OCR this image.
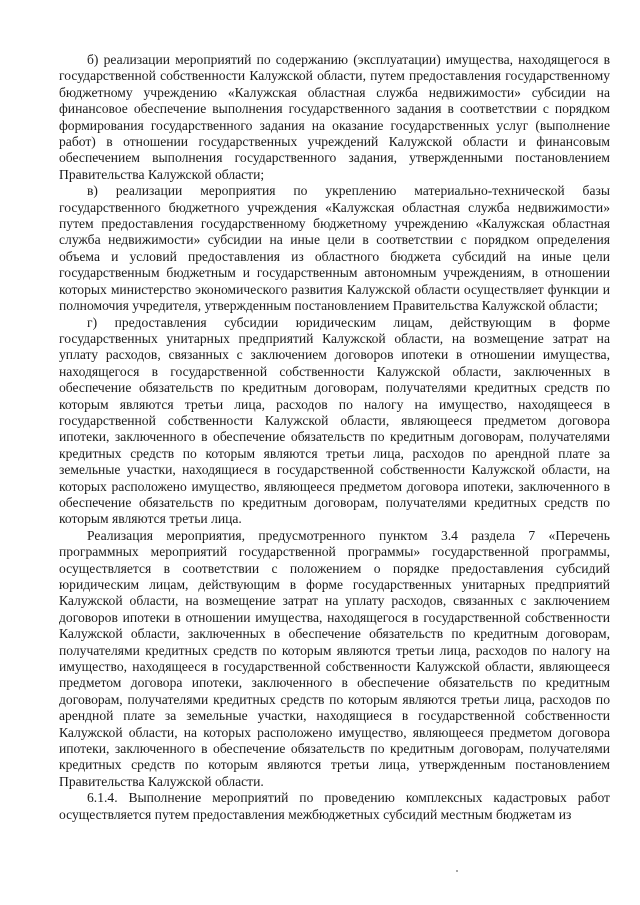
б) реализации мероприятий по содержанию (эксплуатации) имущества, находящегося в государственной собственности Калужской области, путем предоставления государственному бюджетному учреждению «Калужская областная служба недвижимости» субсидии на финансовое обеспечение выполнения государственного задания в соответствии с порядком формирования государственного задания на оказание государственных услуг (выполнение работ) в отношении государственных учреждений Калужской области и финансовым обеспечением выполнения государственного задания, утвержденными постановлением Правительства Калужской области;

в) реализации мероприятия по укреплению материально-технической базы государственного бюджетного учреждения «Калужская областная служба недвижимости» путем предоставления государственному бюджетному учреждению «Калужская областная служба недвижимости» субсидии на иные цели в соответствии с порядком определения объема и условий предоставления из областного бюджета субсидий на иные цели государственным бюджетным и государственным автономным учреждениям, в отношении которых министерство экономического развития Калужской области осуществляет функции и полномочия учредителя, утвержденным постановлением Правительства Калужской области;

г) предоставления субсидии юридическим лицам, действующим в форме государственных унитарных предприятий Калужской области, на возмещение затрат на уплату расходов, связанных с заключением договоров ипотеки в отношении имущества, находящегося в государственной собственности Калужской области, заключенных в обеспечение обязательств по кредитным договорам, получателями кредитных средств по которым являются третьи лица, расходов по налогу на имущество, находящееся в государственной собственности Калужской области, являющееся предметом договора ипотеки, заключенного в обеспечение обязательств по кредитным договорам, получателями кредитных средств по которым являются третьи лица, расходов по арендной плате за земельные участки, находящиеся в государственной собственности Калужской области, на которых расположено имущество, являющееся предметом договора ипотеки, заключенного в обеспечение обязательств по кредитным договорам, получателями кредитных средств по которым являются третьи лица.

Реализация мероприятия, предусмотренного пунктом 3.4 раздела 7 «Перечень программных мероприятий государственной программы» государственной программы, осуществляется в соответствии с положением о порядке предоставления субсидий юридическим лицам, действующим в форме государственных унитарных предприятий Калужской области, на возмещение затрат на уплату расходов, связанных с заключением договоров ипотеки в отношении имущества, находящегося в государственной собственности Калужской области, заключенных в обеспечение обязательств по кредитным договорам, получателями кредитных средств по которым являются третьи лица, расходов по налогу на имущество, находящееся в государственной собственности Калужской области, являющееся предметом договора ипотеки, заключенного в обеспечение обязательств по кредитным договорам, получателями кредитных средств по которым являются третьи лица, расходов по арендной плате за земельные участки, находящиеся в государственной собственности Калужской области, на которых расположено имущество, являющееся предметом договора ипотеки, заключенного в обеспечение обязательств по кредитным договорам, получателями кредитных средств по которым являются третьи лица, утвержденным постановлением Правительства Калужской области.

6.1.4. Выполнение мероприятий по проведению комплексных кадастровых работ осуществляется путем предоставления межбюджетных субсидий местным бюджетам из
